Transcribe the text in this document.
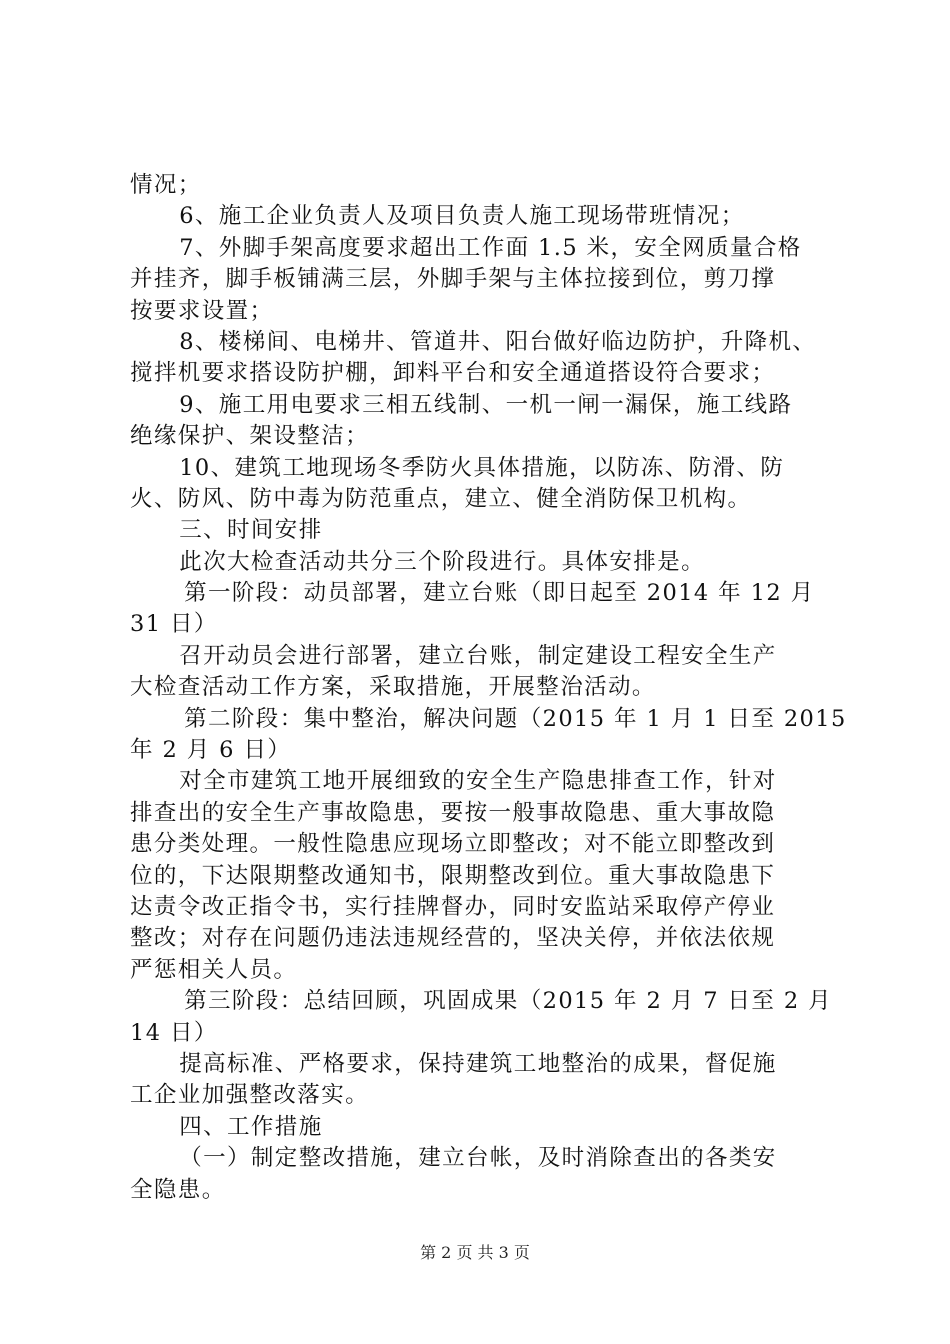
情况；
6、施工企业负责人及项目负责人施工现场带班情况；
7、外脚手架高度要求超出工作面 1.5 米，安全网质量合格
并挂齐，脚手板铺满三层，外脚手架与主体拉接到位，剪刀撑
按要求设置；
8、楼梯间、电梯井、管道井、阳台做好临边防护，升降机、
搅拌机要求搭设防护棚，卸料平台和安全通道搭设符合要求；
9、施工用电要求三相五线制、一机一闸一漏保，施工线路
绝缘保护、架设整洁；
10、建筑工地现场冬季防火具体措施，以防冻、防滑、防
火、防风、防中毒为防范重点，建立、健全消防保卫机构。
三、时间安排
此次大检查活动共分三个阶段进行。具体安排是。
第一阶段：动员部署，建立台账（即日起至 2014 年 12 月
31 日）
召开动员会进行部署，建立台账，制定建设工程安全生产
大检查活动工作方案，采取措施，开展整治活动。
第二阶段：集中整治，解决问题（2015 年 1 月 1 日至 2015
年 2 月 6 日）
对全市建筑工地开展细致的安全生产隐患排查工作，针对
排查出的安全生产事故隐患，要按一般事故隐患、重大事故隐
患分类处理。一般性隐患应现场立即整改；对不能立即整改到
位的，下达限期整改通知书，限期整改到位。重大事故隐患下
达责令改正指令书，实行挂牌督办，同时安监站采取停产停业
整改；对存在问题仍违法违规经营的，坚决关停，并依法依规
严惩相关人员。
第三阶段：总结回顾，巩固成果（2015 年 2 月 7 日至 2 月
14 日）
提高标准、严格要求，保持建筑工地整治的成果，督促施
工企业加强整改落实。
四、工作措施
（一）制定整改措施，建立台帐，及时消除查出的各类安
全隐患。
第 2 页 共 3 页
